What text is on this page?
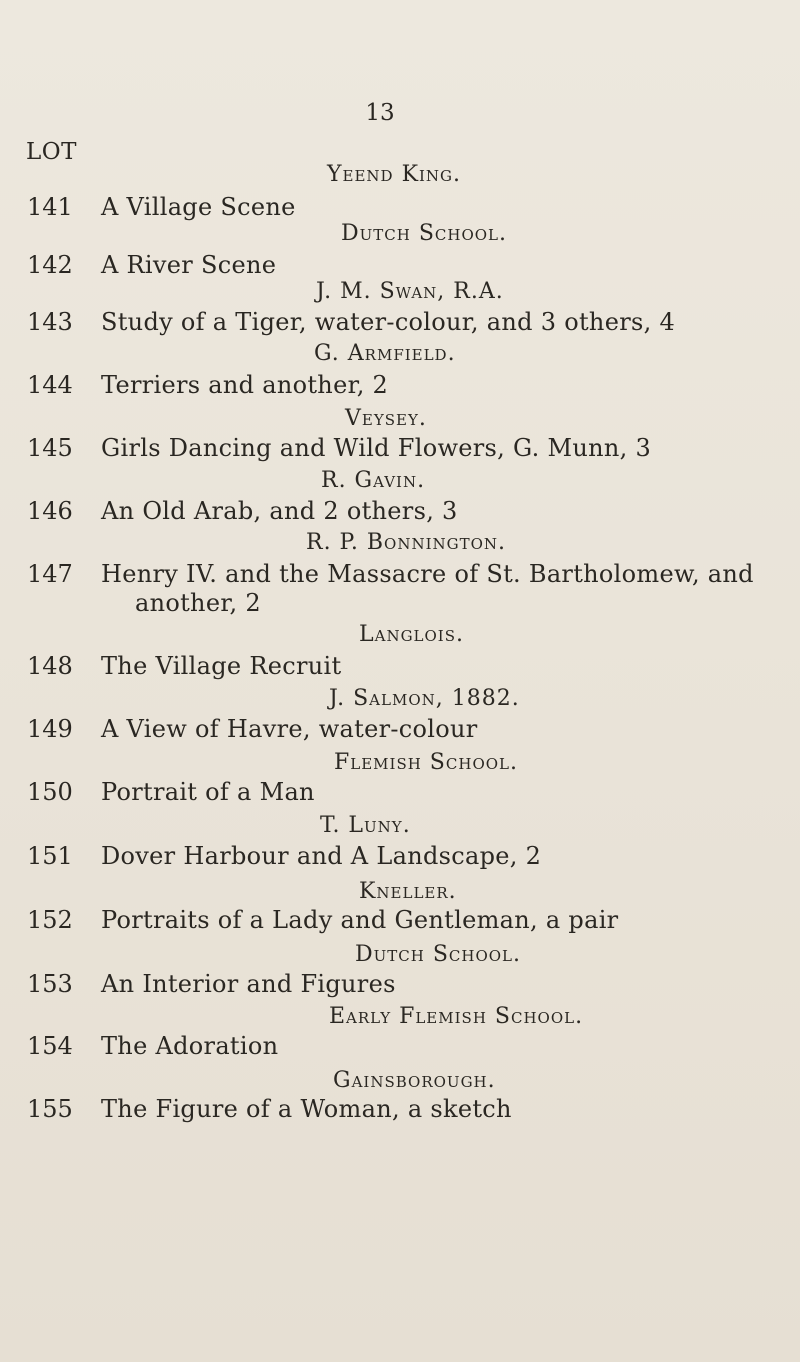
13
LOT
Yeend King.
141 A Village Scene
Dutch School.
142 A River Scene
J. M. Swan, R.A.
143 Study of a Tiger, water-colour, and 3 others, 4
G. Armfield.
144 Terriers and another, 2
Veysey.
145 Girls Dancing and Wild Flowers, G. Munn, 3
R. Gavin.
146 An Old Arab, and 2 others, 3
R. P. Bonnington.
147 Henry IV. and the Massacre of St. Bartholomew, and
another, 2
Langlois.
148 The Village Recruit
J. Salmon, 1882.
149 A View of Havre, water-colour
Flemish School.
150 Portrait of a Man
T. Luny.
151 Dover Harbour and A Landscape, 2
Kneller.
152 Portraits of a Lady and Gentleman, a pair
Dutch School.
153 An Interior and Figures
Early Flemish School.
154 The Adoration
Gainsborough.
155 The Figure of a Woman, a sketch
